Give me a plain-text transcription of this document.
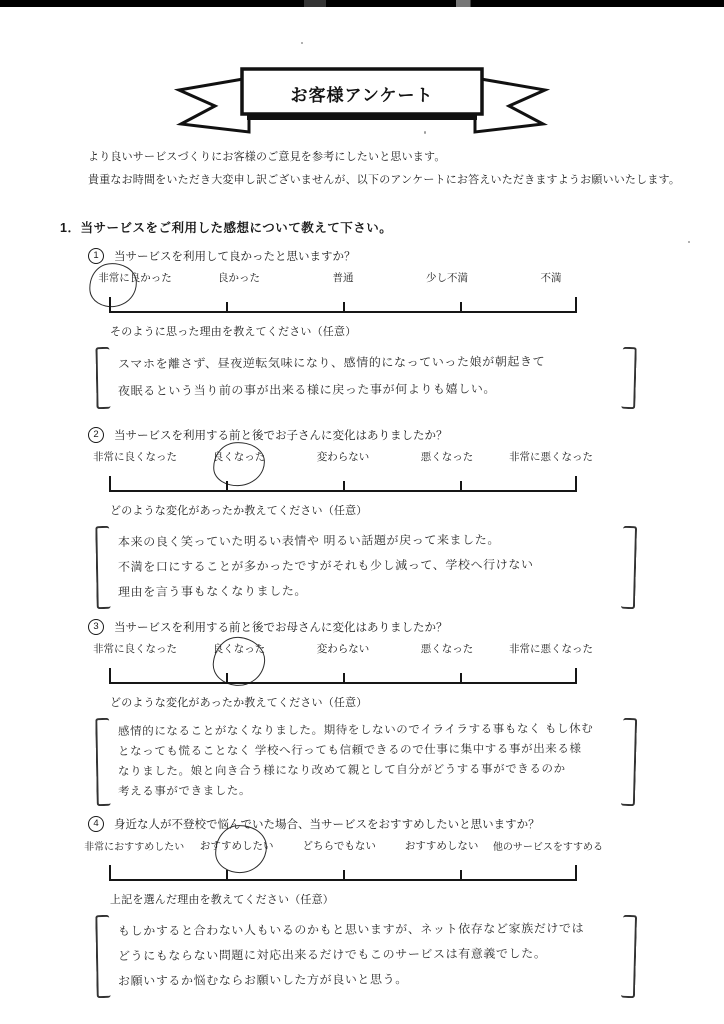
お客様アンケート
より良いサービスづくりにお客様のご意見を参考にしたいと思います。
貴重なお時間をいただき大変申し訳ございませんが、以下のアンケートにお答えいただきますようお願いいたします。
1．当サービスをご利用した感想について教えて下さい。
1	当サービスを利用して良かったと思いますか？
非常に良かった	良かった	普通	少し不満	不満
そのように思った理由を教えてください（任意）
スマホを離さず、昼夜逆転気味になり、感情的になっていった娘が朝起きて
夜眠るという当り前の事が出来る様に戻った事が何よりも嬉しい。
2	当サービスを利用する前と後でお子さんに変化はありましたか？
非常に良くなった	良くなった	変わらない	悪くなった	非常に悪くなった
どのような変化があったか教えてください（任意）
本来の良く笑っていた明るい表情や 明るい話題が戻って来ました。
不満を口にすることが多かったですがそれも少し減って、学校へ行けない
理由を言う事もなくなりました。
3	当サービスを利用する前と後でお母さんに変化はありましたか？
非常に良くなった	良くなった	変わらない	悪くなった	非常に悪くなった
どのような変化があったか教えてください（任意）
感情的になることがなくなりました。期待をしないのでイライラする事もなく もし休む
となっても慌ることなく 学校へ行っても信頼できるので仕事に集中する事が出来る様
なりました。娘と向き合う様になり改めて親として自分がどうする事ができるのか
考える事ができました。
4	身近な人が不登校で悩んでいた場合、当サービスをおすすめしたいと思いますか？
非常におすすめしたい	おすすめしたい	どちらでもない	おすすめしない	他のサービスをすすめる
上記を選んだ理由を教えてください（任意）
もしかすると合わない人もいるのかもと思いますが、ネット依存など家族だけでは
どうにもならない問題に対応出来るだけでもこのサービスは有意義でした。
お願いするか悩むならお願いした方が良いと思う。
